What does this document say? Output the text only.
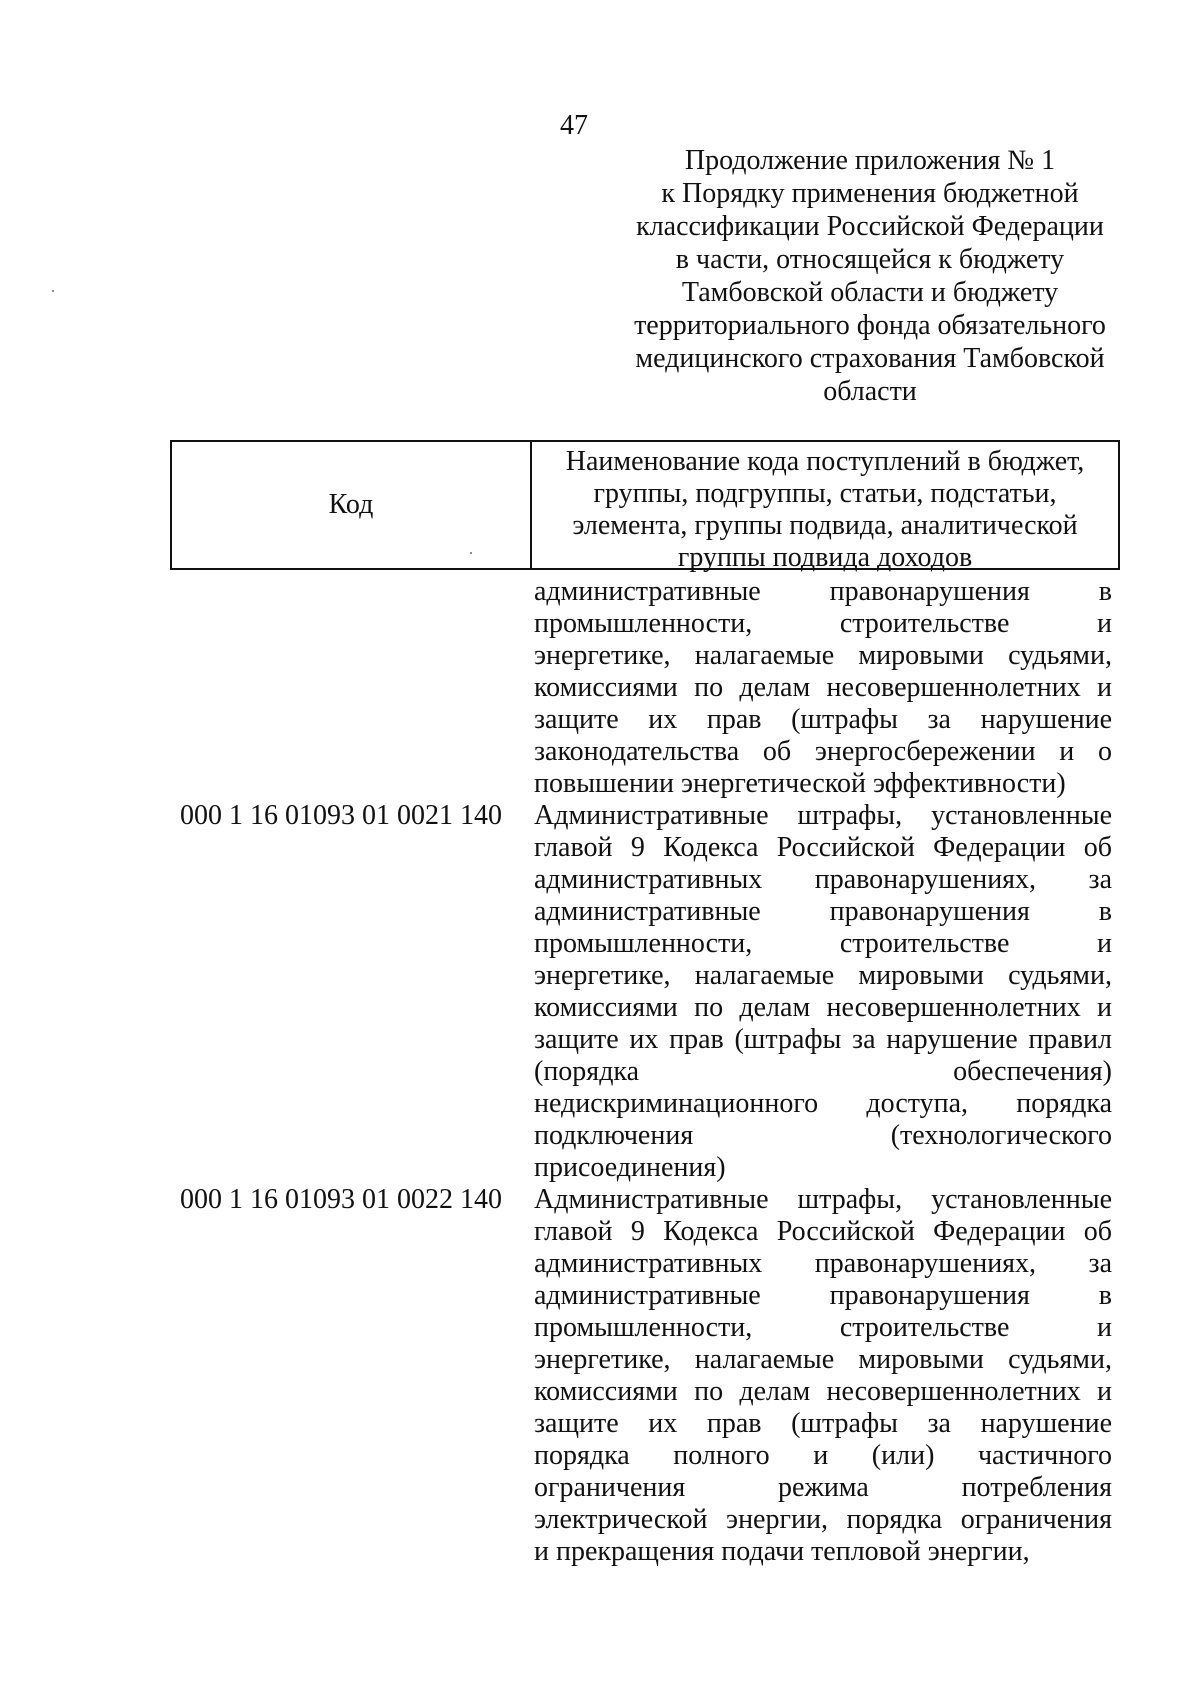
47
Продолжение приложения № 1
к Порядку применения бюджетной
классификации Российской Федерации
в части, относящейся к бюджету
Тамбовской области и бюджету
территориального фонда обязательного
медицинского страхования Тамбовской
области
Код
Наименование кода поступлений в бюджет,
группы, подгруппы, статьи, подстатьи,
элемента, группы подвида, аналитической
группы подвида доходов
административные правонарушения в
промышленности, строительстве и
энергетике, налагаемые мировыми судьями,
комиссиями по делам несовершеннолетних и
защите их прав (штрафы за нарушение
законодательства об энергосбережении и о
повышении энергетической эффективности)
000 1 16 01093 01 0021 140	Административные штрафы, установленные
главой 9 Кодекса Российской Федерации об
административных правонарушениях, за
административные правонарушения в
промышленности, строительстве и
энергетике, налагаемые мировыми судьями,
комиссиями по делам несовершеннолетних и
защите их прав (штрафы за нарушение правил
(порядка обеспечения)
недискриминационного доступа, порядка
подключения (технологического
присоединения)
000 1 16 01093 01 0022 140	Административные штрафы, установленные
главой 9 Кодекса Российской Федерации об
административных правонарушениях, за
административные правонарушения в
промышленности, строительстве и
энергетике, налагаемые мировыми судьями,
комиссиями по делам несовершеннолетних и
защите их прав (штрафы за нарушение
порядка полного и (или) частичного
ограничения режима потребления
электрической энергии, порядка ограничения
и прекращения подачи тепловой энергии,
